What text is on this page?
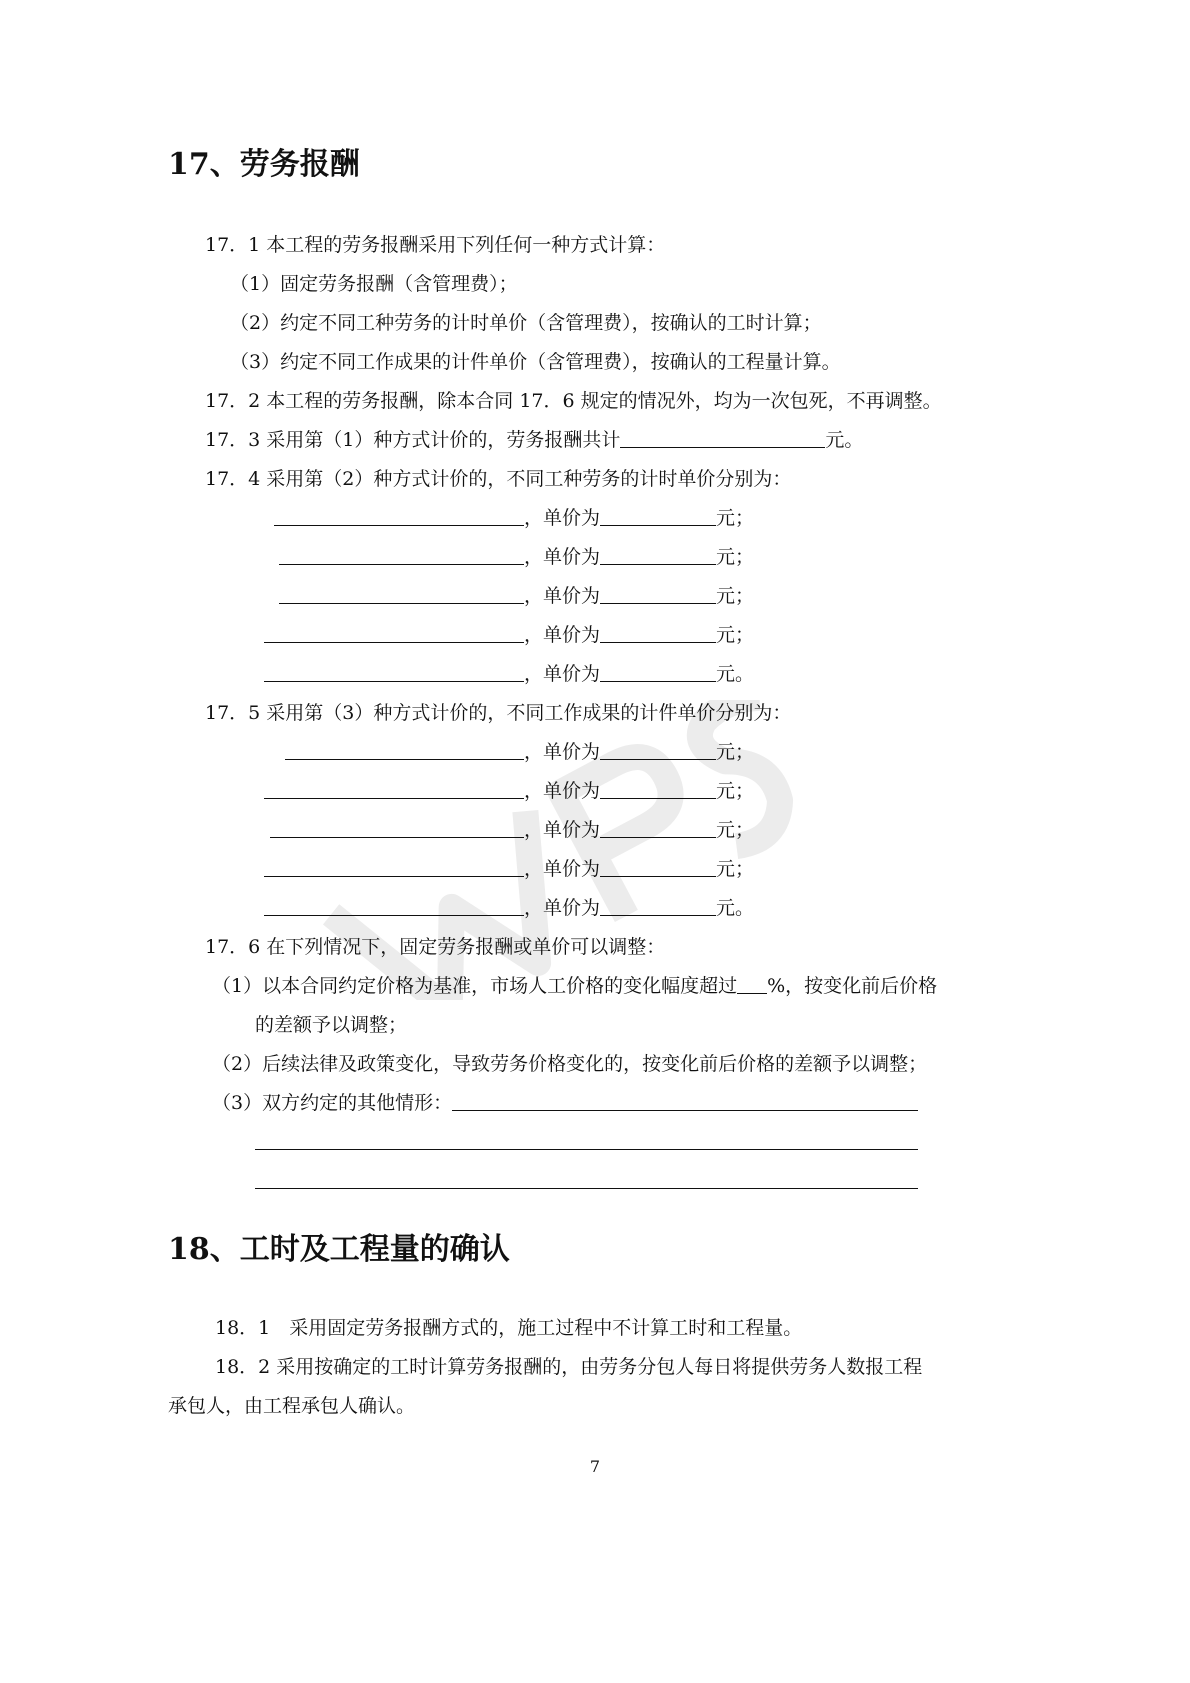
17、劳务报酬
17．1 本工程的劳务报酬采用下列任何一种方式计算：
（1）固定劳务报酬（含管理费）；
（2）约定不同工种劳务的计时单价（含管理费），按确认的工时计算；
（3）约定不同工作成果的计件单价（含管理费），按确认的工程量计算。
17．2 本工程的劳务报酬，除本合同 17．6 规定的情况外，均为一次包死，不再调整。
17．3 采用第（1）种方式计价的，劳务报酬共计	元。
17．4 采用第（2）种方式计价的，不同工种劳务的计时单价分别为：
，单价为	元；
，单价为	元；
，单价为	元；
，单价为	元；
，单价为	元。
17．5 采用第（3）种方式计价的，不同工作成果的计件单价分别为：
，单价为	元；
，单价为	元；
，单价为	元；
，单价为	元；
，单价为	元。
17．6 在下列情况下，固定劳务报酬或单价可以调整：
（1）以本合同约定价格为基准，市场人工价格的变化幅度超过 %，按变化前后价格
的差额予以调整；
（2）后续法律及政策变化，导致劳务价格变化的，按变化前后价格的差额予以调整；
（3）双方约定的其他情形：
18、工时及工程量的确认
18．1　采用固定劳务报酬方式的，施工过程中不计算工时和工程量。
18．2 采用按确定的工时计算劳务报酬的，由劳务分包人每日将提供劳务人数报工程
承包人，由工程承包人确认。
7
